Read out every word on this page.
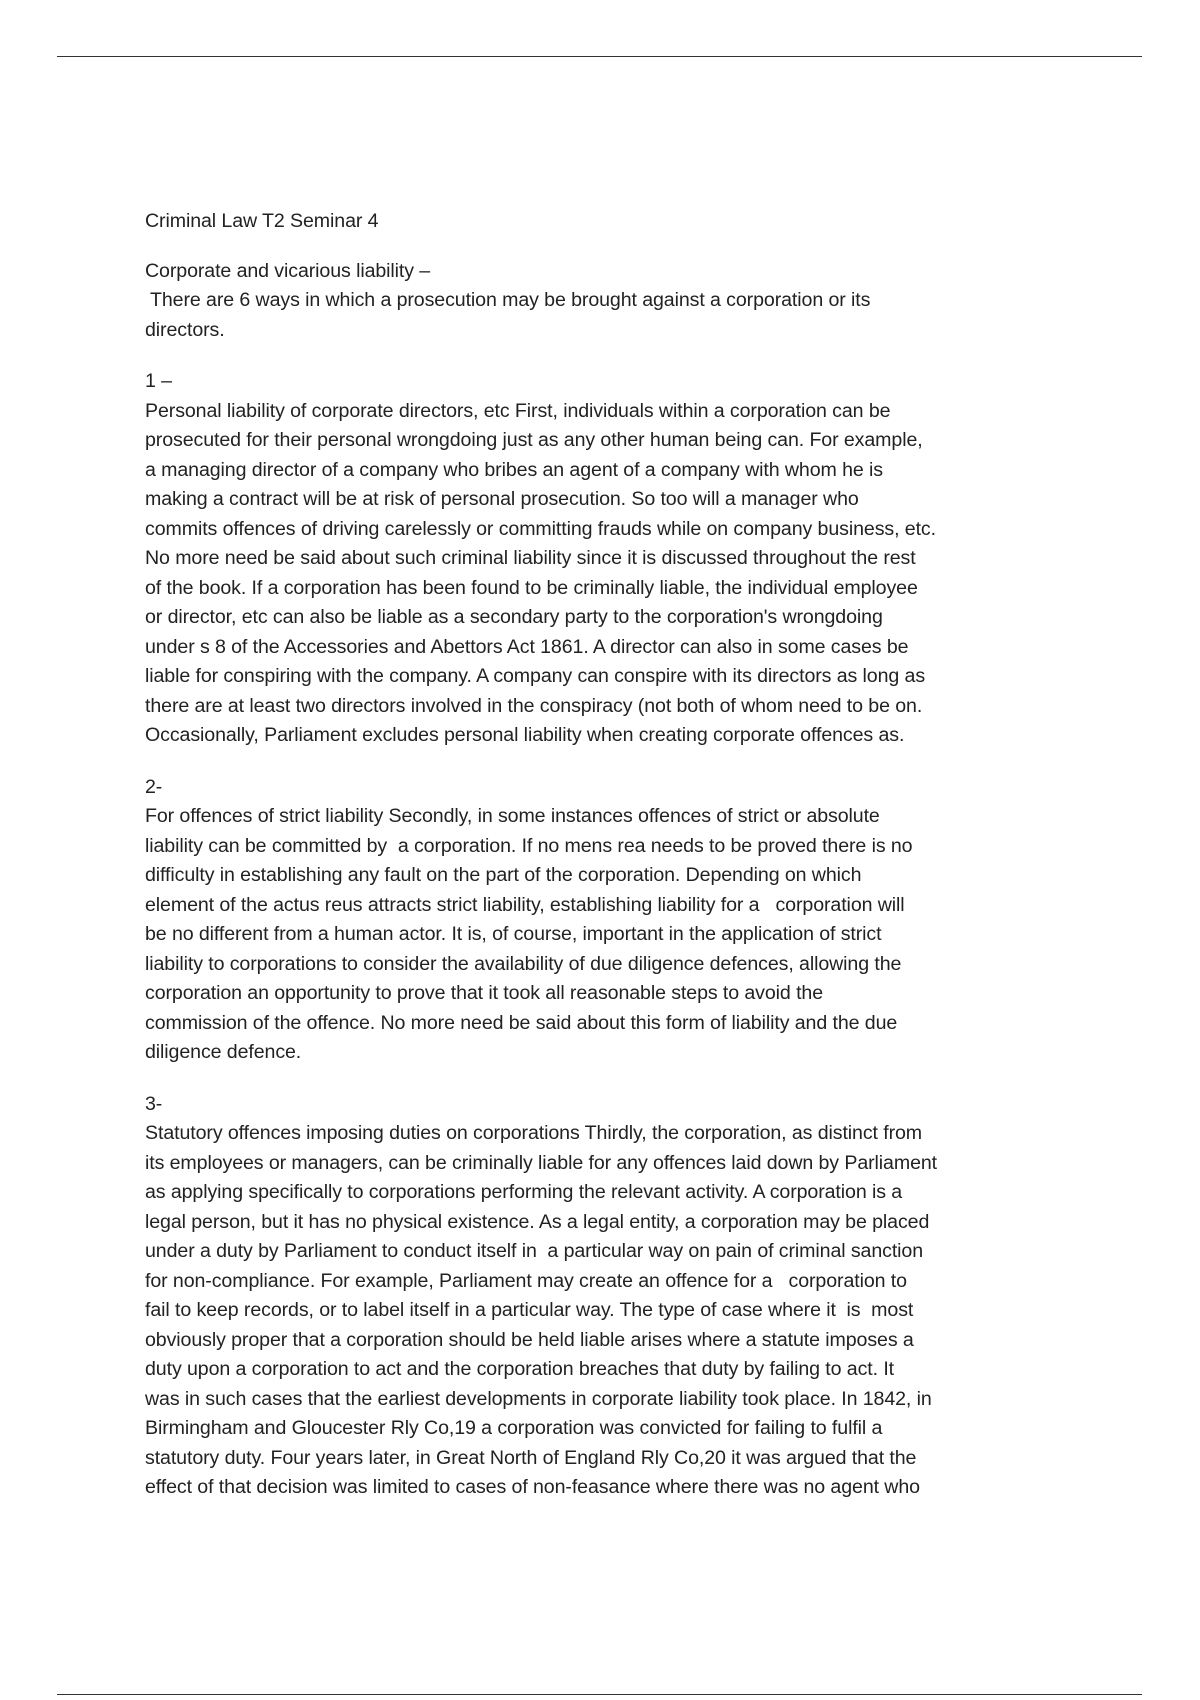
Criminal Law T2 Seminar 4
Corporate and vicarious liability –
There are 6 ways in which a prosecution may be brought against a corporation or its
directors.
1 –
Personal liability of corporate directors, etc First, individuals within a corporation can be
prosecuted for their personal wrongdoing just as any other human being can. For example,
a managing director of a company who bribes an agent of a company with whom he is
making a contract will be at risk of personal prosecution. So too will a manager who
commits offences of driving carelessly or committing frauds while on company business, etc.
No more need be said about such criminal liability since it is discussed throughout the rest
of the book. If a corporation has been found to be criminally liable, the individual employee
or director, etc can also be liable as a secondary party to the corporation's wrongdoing
under s 8 of the Accessories and Abettors Act 1861. A director can also in some cases be
liable for conspiring with the company. A company can conspire with its directors as long as
there are at least two directors involved in the conspiracy (not both of whom need to be on.
Occasionally, Parliament excludes personal liability when creating corporate offences as.
2-
For offences of strict liability Secondly, in some instances offences of strict or absolute
liability can be committed by  a corporation. If no mens rea needs to be proved there is no
difficulty in establishing any fault on the part of the corporation. Depending on which
element of the actus reus attracts strict liability, establishing liability for a   corporation will
be no different from a human actor. It is, of course, important in the application of strict
liability to corporations to consider the availability of due diligence defences, allowing the
corporation an opportunity to prove that it took all reasonable steps to avoid the
commission of the offence. No more need be said about this form of liability and the due
diligence defence.
3-
Statutory offences imposing duties on corporations Thirdly, the corporation, as distinct from
its employees or managers, can be criminally liable for any offences laid down by Parliament
as applying specifically to corporations performing the relevant activity. A corporation is a
legal person, but it has no physical existence. As a legal entity, a corporation may be placed
under a duty by Parliament to conduct itself in  a particular way on pain of criminal sanction
for non-compliance. For example, Parliament may create an offence for a   corporation to
fail to keep records, or to label itself in a particular way. The type of case where it  is  most
obviously proper that a corporation should be held liable arises where a statute imposes a
duty upon a corporation to act and the corporation breaches that duty by failing to act. It
was in such cases that the earliest developments in corporate liability took place. In 1842, in
Birmingham and Gloucester Rly Co,19 a corporation was convicted for failing to fulfil a
statutory duty. Four years later, in Great North of England Rly Co,20 it was argued that the
effect of that decision was limited to cases of non-feasance where there was no agent who
